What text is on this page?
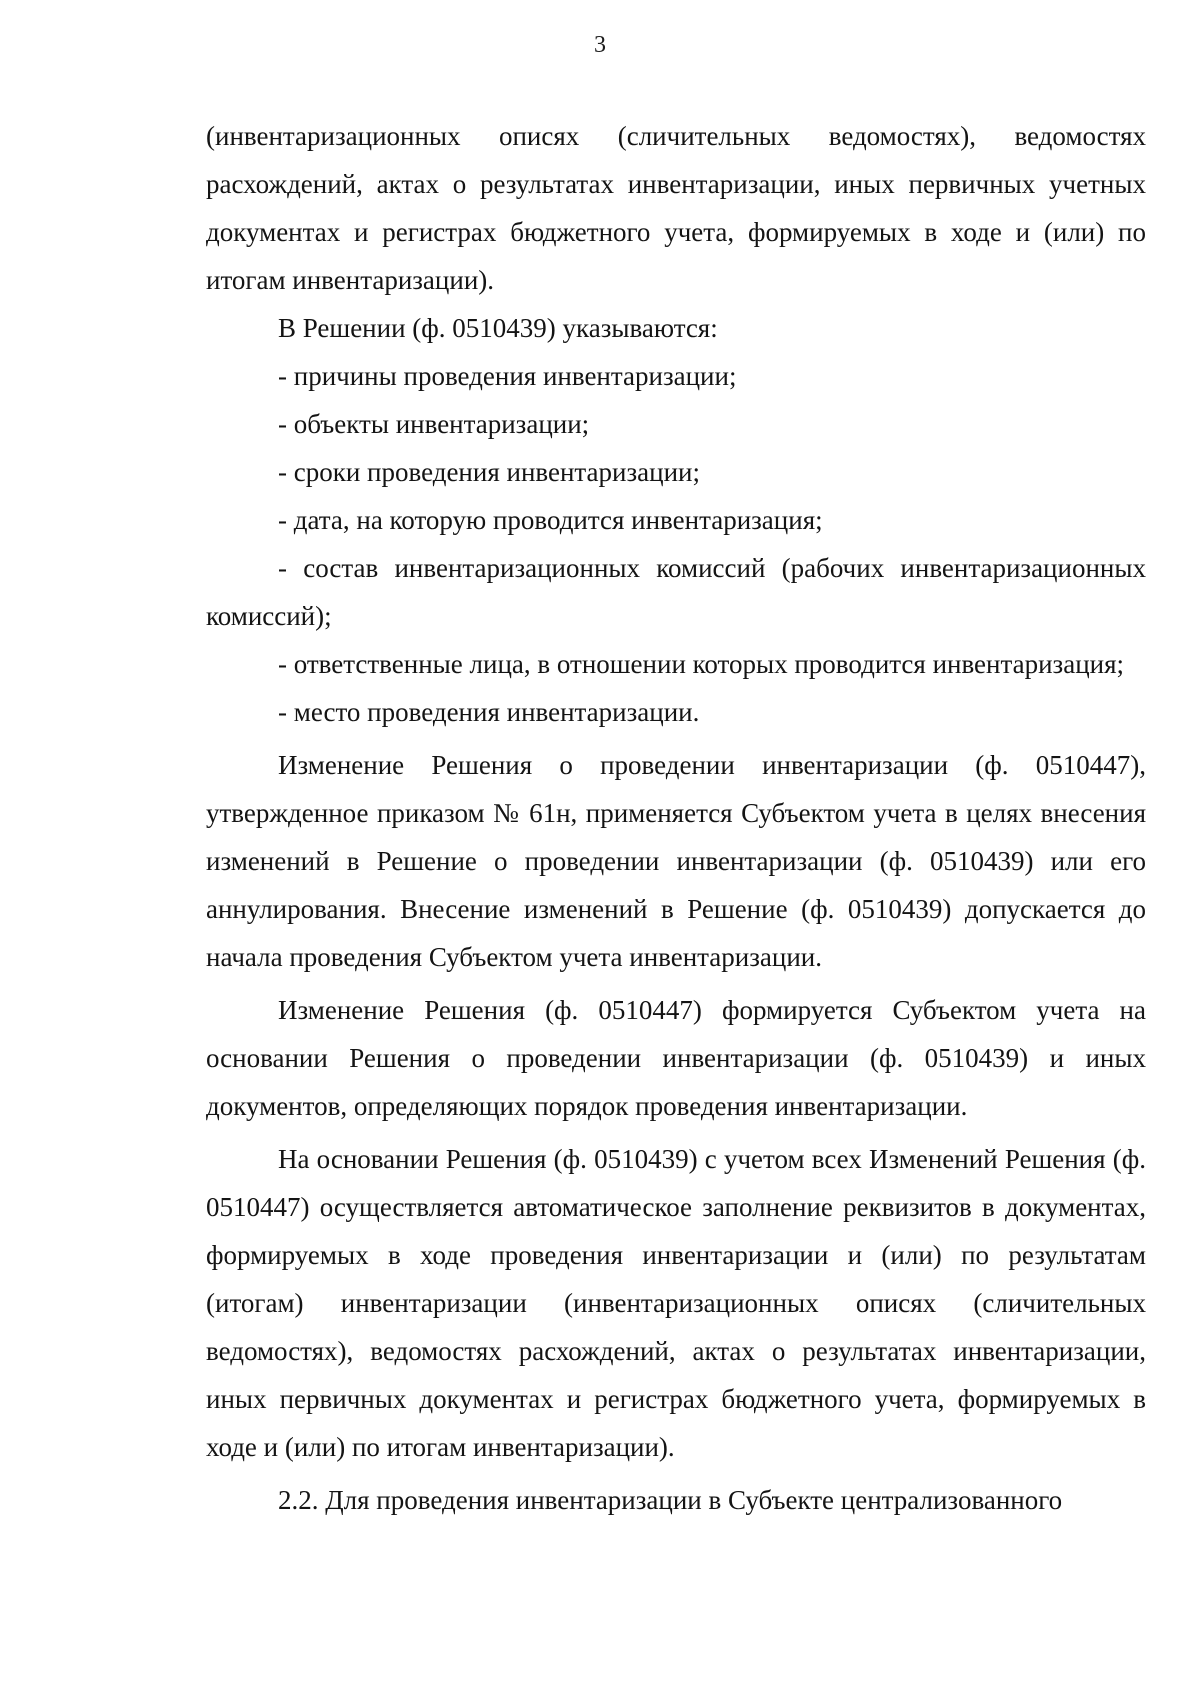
3

(инвентаризационных описях (сличительных ведомостях), ведомостях расхождений, актах о результатах инвентаризации, иных первичных учетных документах и регистрах бюджетного учета, формируемых в ходе и (или) по итогам инвентаризации).

В Решении (ф. 0510439) указываются:

- причины проведения инвентаризации;

- объекты инвентаризации;

- сроки проведения инвентаризации;

- дата, на которую проводится инвентаризация;

- состав инвентаризационных комиссий (рабочих инвентаризационных комиссий);

- ответственные лица, в отношении которых проводится инвентаризация;

- место проведения инвентаризации.

Изменение Решения о проведении инвентаризации (ф. 0510447), утвержденное приказом № 61н, применяется Субъектом учета в целях внесения изменений в Решение о проведении инвентаризации (ф. 0510439) или его аннулирования. Внесение изменений в Решение (ф. 0510439) допускается до начала проведения Субъектом учета инвентаризации.

Изменение Решения (ф. 0510447) формируется Субъектом учета на основании Решения о проведении инвентаризации (ф. 0510439) и иных документов, определяющих порядок проведения инвентаризации.

На основании Решения (ф. 0510439) с учетом всех Изменений Решения (ф. 0510447) осуществляется автоматическое заполнение реквизитов в документах, формируемых в ходе проведения инвентаризации и (или) по результатам (итогам) инвентаризации (инвентаризационных описях (сличительных ведомостях), ведомостях расхождений, актах о результатах инвентаризации, иных первичных документах и регистрах бюджетного учета, формируемых в ходе и (или) по итогам инвентаризации).

2.2. Для проведения инвентаризации в Субъекте централизованного
